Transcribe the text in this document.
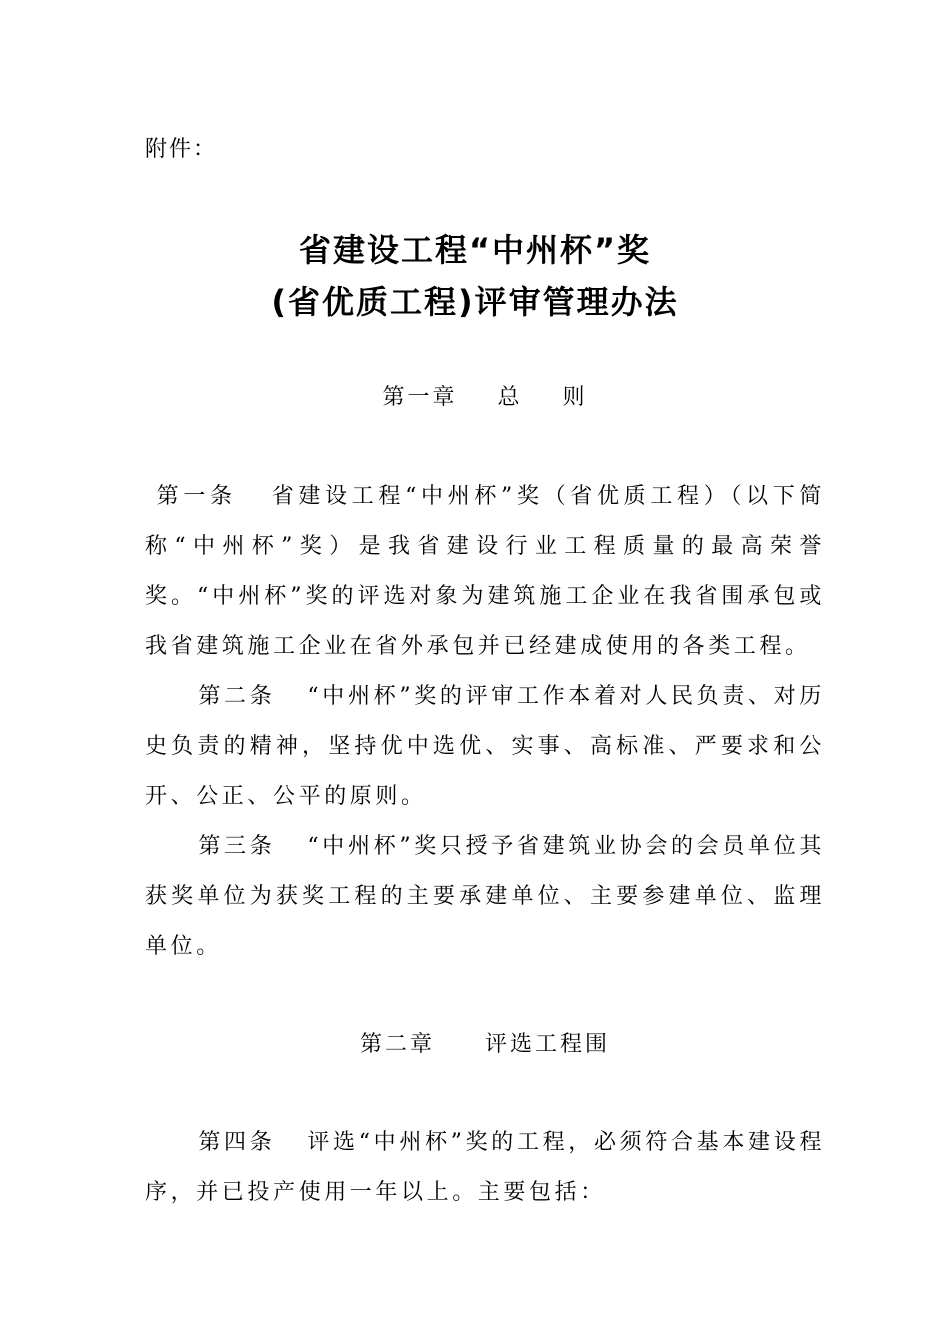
附件：
省建设工程“中州杯”奖
(省优质工程)评审管理办法
第一章    总    则
第一条   省建设工程“中州杯”奖（省优质工程）（以下简称“中州杯”奖）是我省建设行业工程质量的最高荣誉奖。“中州杯”奖的评选对象为建筑施工企业在我省围承包或我省建筑施工企业在省外承包并已经建成使用的各类工程。
第二条   “中州杯”奖的评审工作本着对人民负责、对历史负责的精神，坚持优中选优、实事、高标准、严要求和公开、公正、公平的原则。
第三条   “中州杯”奖只授予省建筑业协会的会员单位其获奖单位为获奖工程的主要承建单位、主要参建单位、监理单位。
第二章     评选工程围
第四条   评选“中州杯”奖的工程，必须符合基本建设程序，并已投产使用一年以上。主要包括：
